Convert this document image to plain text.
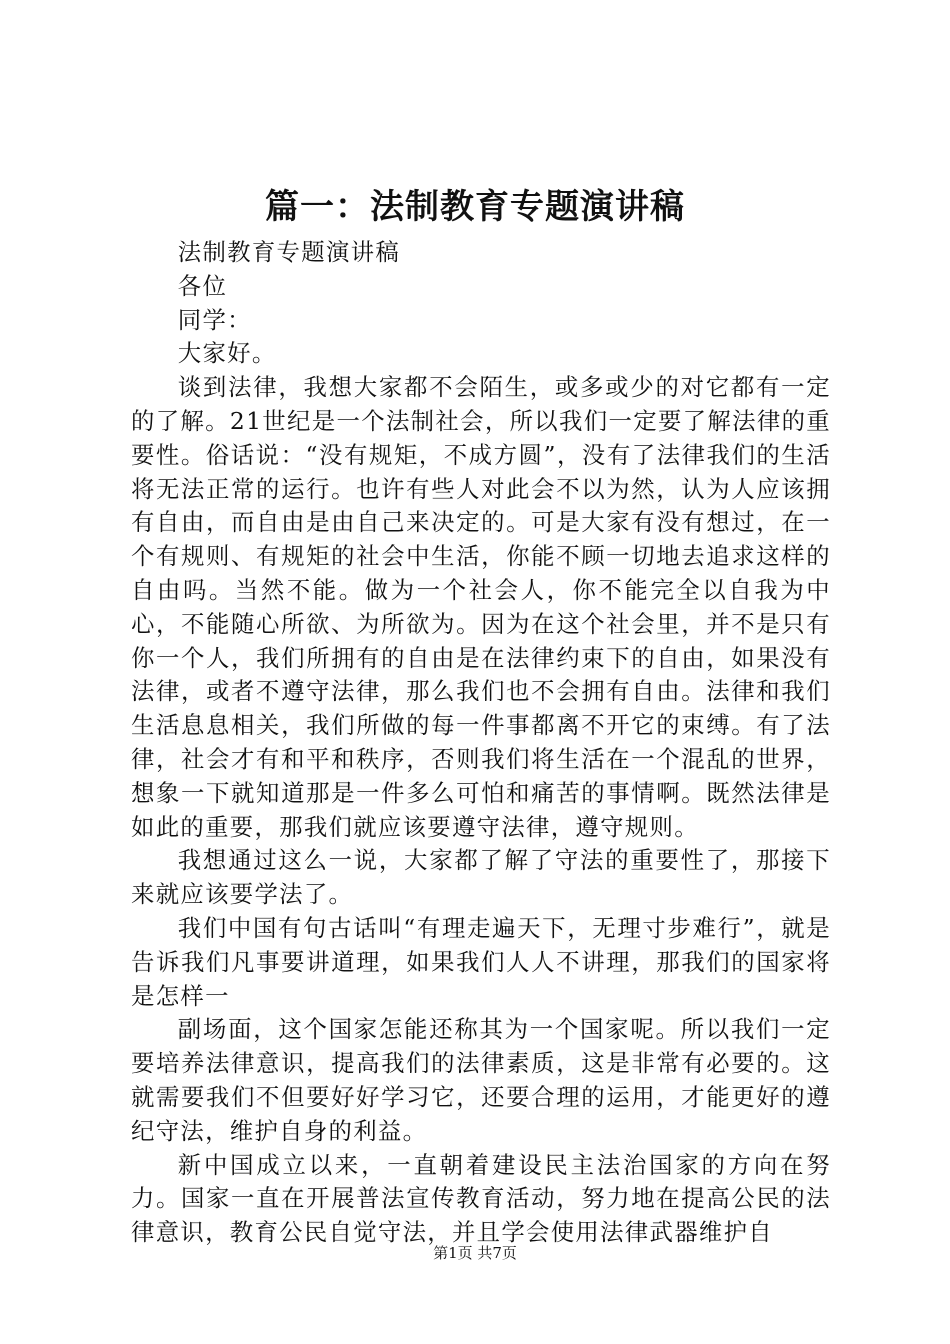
篇一：法制教育专题演讲稿

法制教育专题演讲稿

各位

同学：

大家好。

谈到法律，我想大家都不会陌生，或多或少的对它都有一定的了解。21世纪是一个法制社会，所以我们一定要了解法律的重要性。俗话说：“没有规矩，不成方圆”，没有了法律我们的生活将无法正常的运行。也许有些人对此会不以为然，认为人应该拥有自由，而自由是由自己来决定的。可是大家有没有想过，在一个有规则、有规矩的社会中生活，你能不顾一切地去追求这样的自由吗。当然不能。做为一个社会人，你不能完全以自我为中心，不能随心所欲、为所欲为。因为在这个社会里，并不是只有你一个人，我们所拥有的自由是在法律约束下的自由，如果没有法律，或者不遵守法律，那么我们也不会拥有自由。法律和我们生活息息相关，我们所做的每一件事都离不开它的束缚。有了法律，社会才有和平和秩序，否则我们将生活在一个混乱的世界，想象一下就知道那是一件多么可怕和痛苦的事情啊。既然法律是如此的重要，那我们就应该要遵守法律，遵守规则。

我想通过这么一说，大家都了解了守法的重要性了，那接下来就应该要学法了。

我们中国有句古话叫“有理走遍天下，无理寸步难行”，就是告诉我们凡事要讲道理，如果我们人人不讲理，那我们的国家将是怎样一

副场面，这个国家怎能还称其为一个国家呢。所以我们一定要培养法律意识，提高我们的法律素质，这是非常有必要的。这就需要我们不但要好好学习它，还要合理的运用，才能更好的遵纪守法，维护自身的利益。

新中国成立以来，一直朝着建设民主法治国家的方向在努力。国家一直在开展普法宣传教育活动，努力地在提高公民的法律意识，教育公民自觉守法，并且学会使用法律武器维护自

第1页 共7页
